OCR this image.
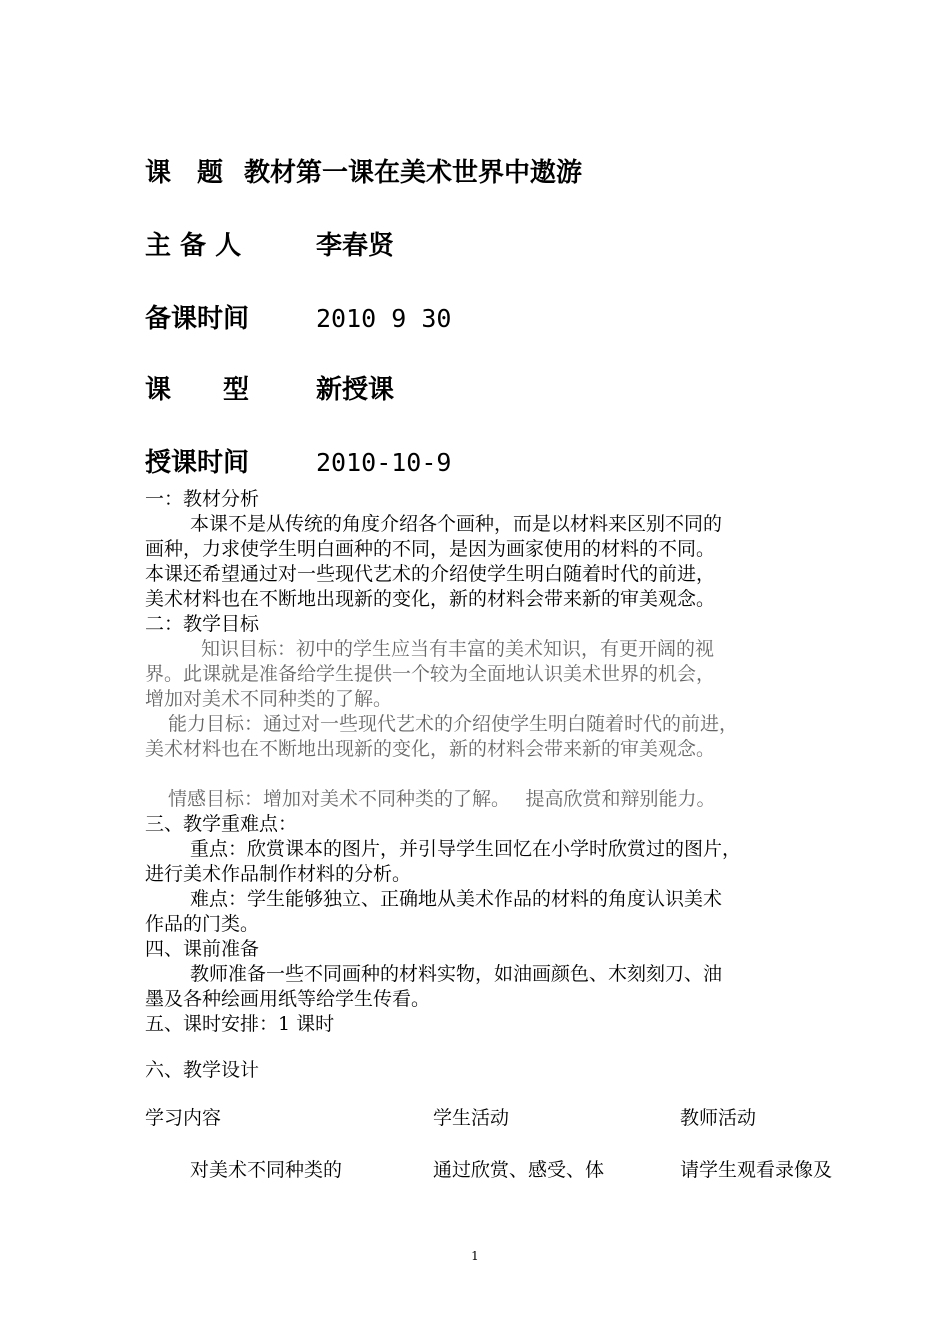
课　题 教材第一课在美术世界中遨游
主 备 人	李春贤
备课时间	2010 9 30
课　　型	新授课
授课时间	2010-10-9
一：教材分析
本课不是从传统的角度介绍各个画种，而是以材料来区别不同的
画种，力求使学生明白画种的不同，是因为画家使用的材料的不同。
本课还希望通过对一些现代艺术的介绍使学生明白随着时代的前进，
美术材料也在不断地出现新的变化，新的材料会带来新的审美观念。
二：教学目标
知识目标：初中的学生应当有丰富的美术知识，有更开阔的视
界。此课就是准备给学生提供一个较为全面地认识美术世界的机会，
增加对美术不同种类的了解。
能力目标：通过对一些现代艺术的介绍使学生明白随着时代的前进，
美术材料也在不断地出现新的变化，新的材料会带来新的审美观念。
情感目标：增加对美术不同种类的了解。　 提高欣赏和辩别能力。
三、教学重难点：
重点：欣赏课本的图片，并引导学生回忆在小学时欣赏过的图片，
进行美术作品制作材料的分析。
难点：学生能够独立、正确地从美术作品的材料的角度认识美术
作品的门类。
四、课前准备
教师准备一些不同画种的材料实物，如油画颜色、木刻刻刀、油
墨及各种绘画用纸等给学生传看。
五、课时安排：1 课时
六、教学设计
学习内容	学生活动	教师活动
对美术不同种类的	通过欣赏、感受、体	请学生观看录像及
1
